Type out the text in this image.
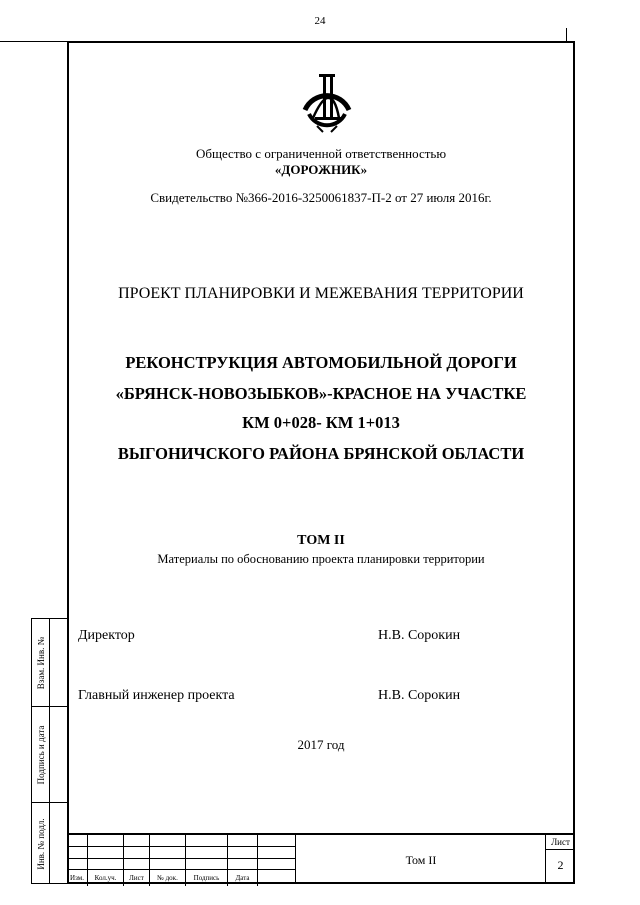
24
Общество с ограниченной ответственностью
«ДОРОЖНИК»
Свидетельство №366-2016-3250061837-П-2 от 27 июля 2016г.
ПРОЕКТ ПЛАНИРОВКИ И МЕЖЕВАНИЯ ТЕРРИТОРИИ
РЕКОНСТРУКЦИЯ АВТОМОБИЛЬНОЙ ДОРОГИ
«БРЯНСК-НОВОЗЫБКОВ»-КРАСНОЕ НА УЧАСТКЕ
КМ 0+028- КМ 1+013
ВЫГОНИЧСКОГО РАЙОНА БРЯНСКОЙ ОБЛАСТИ
ТОМ II
Материалы по обоснованию проекта планировки территории
Директор	Н.В. Сорокин
Главный инженер проекта	Н.В. Сорокин
2017 год
Взам. Инв. №
Подпись и дата
Инв. № подл.
Изм.	Кол.уч.	Лист	№ док.	Подпись	Дата
Том II
Лист
2
